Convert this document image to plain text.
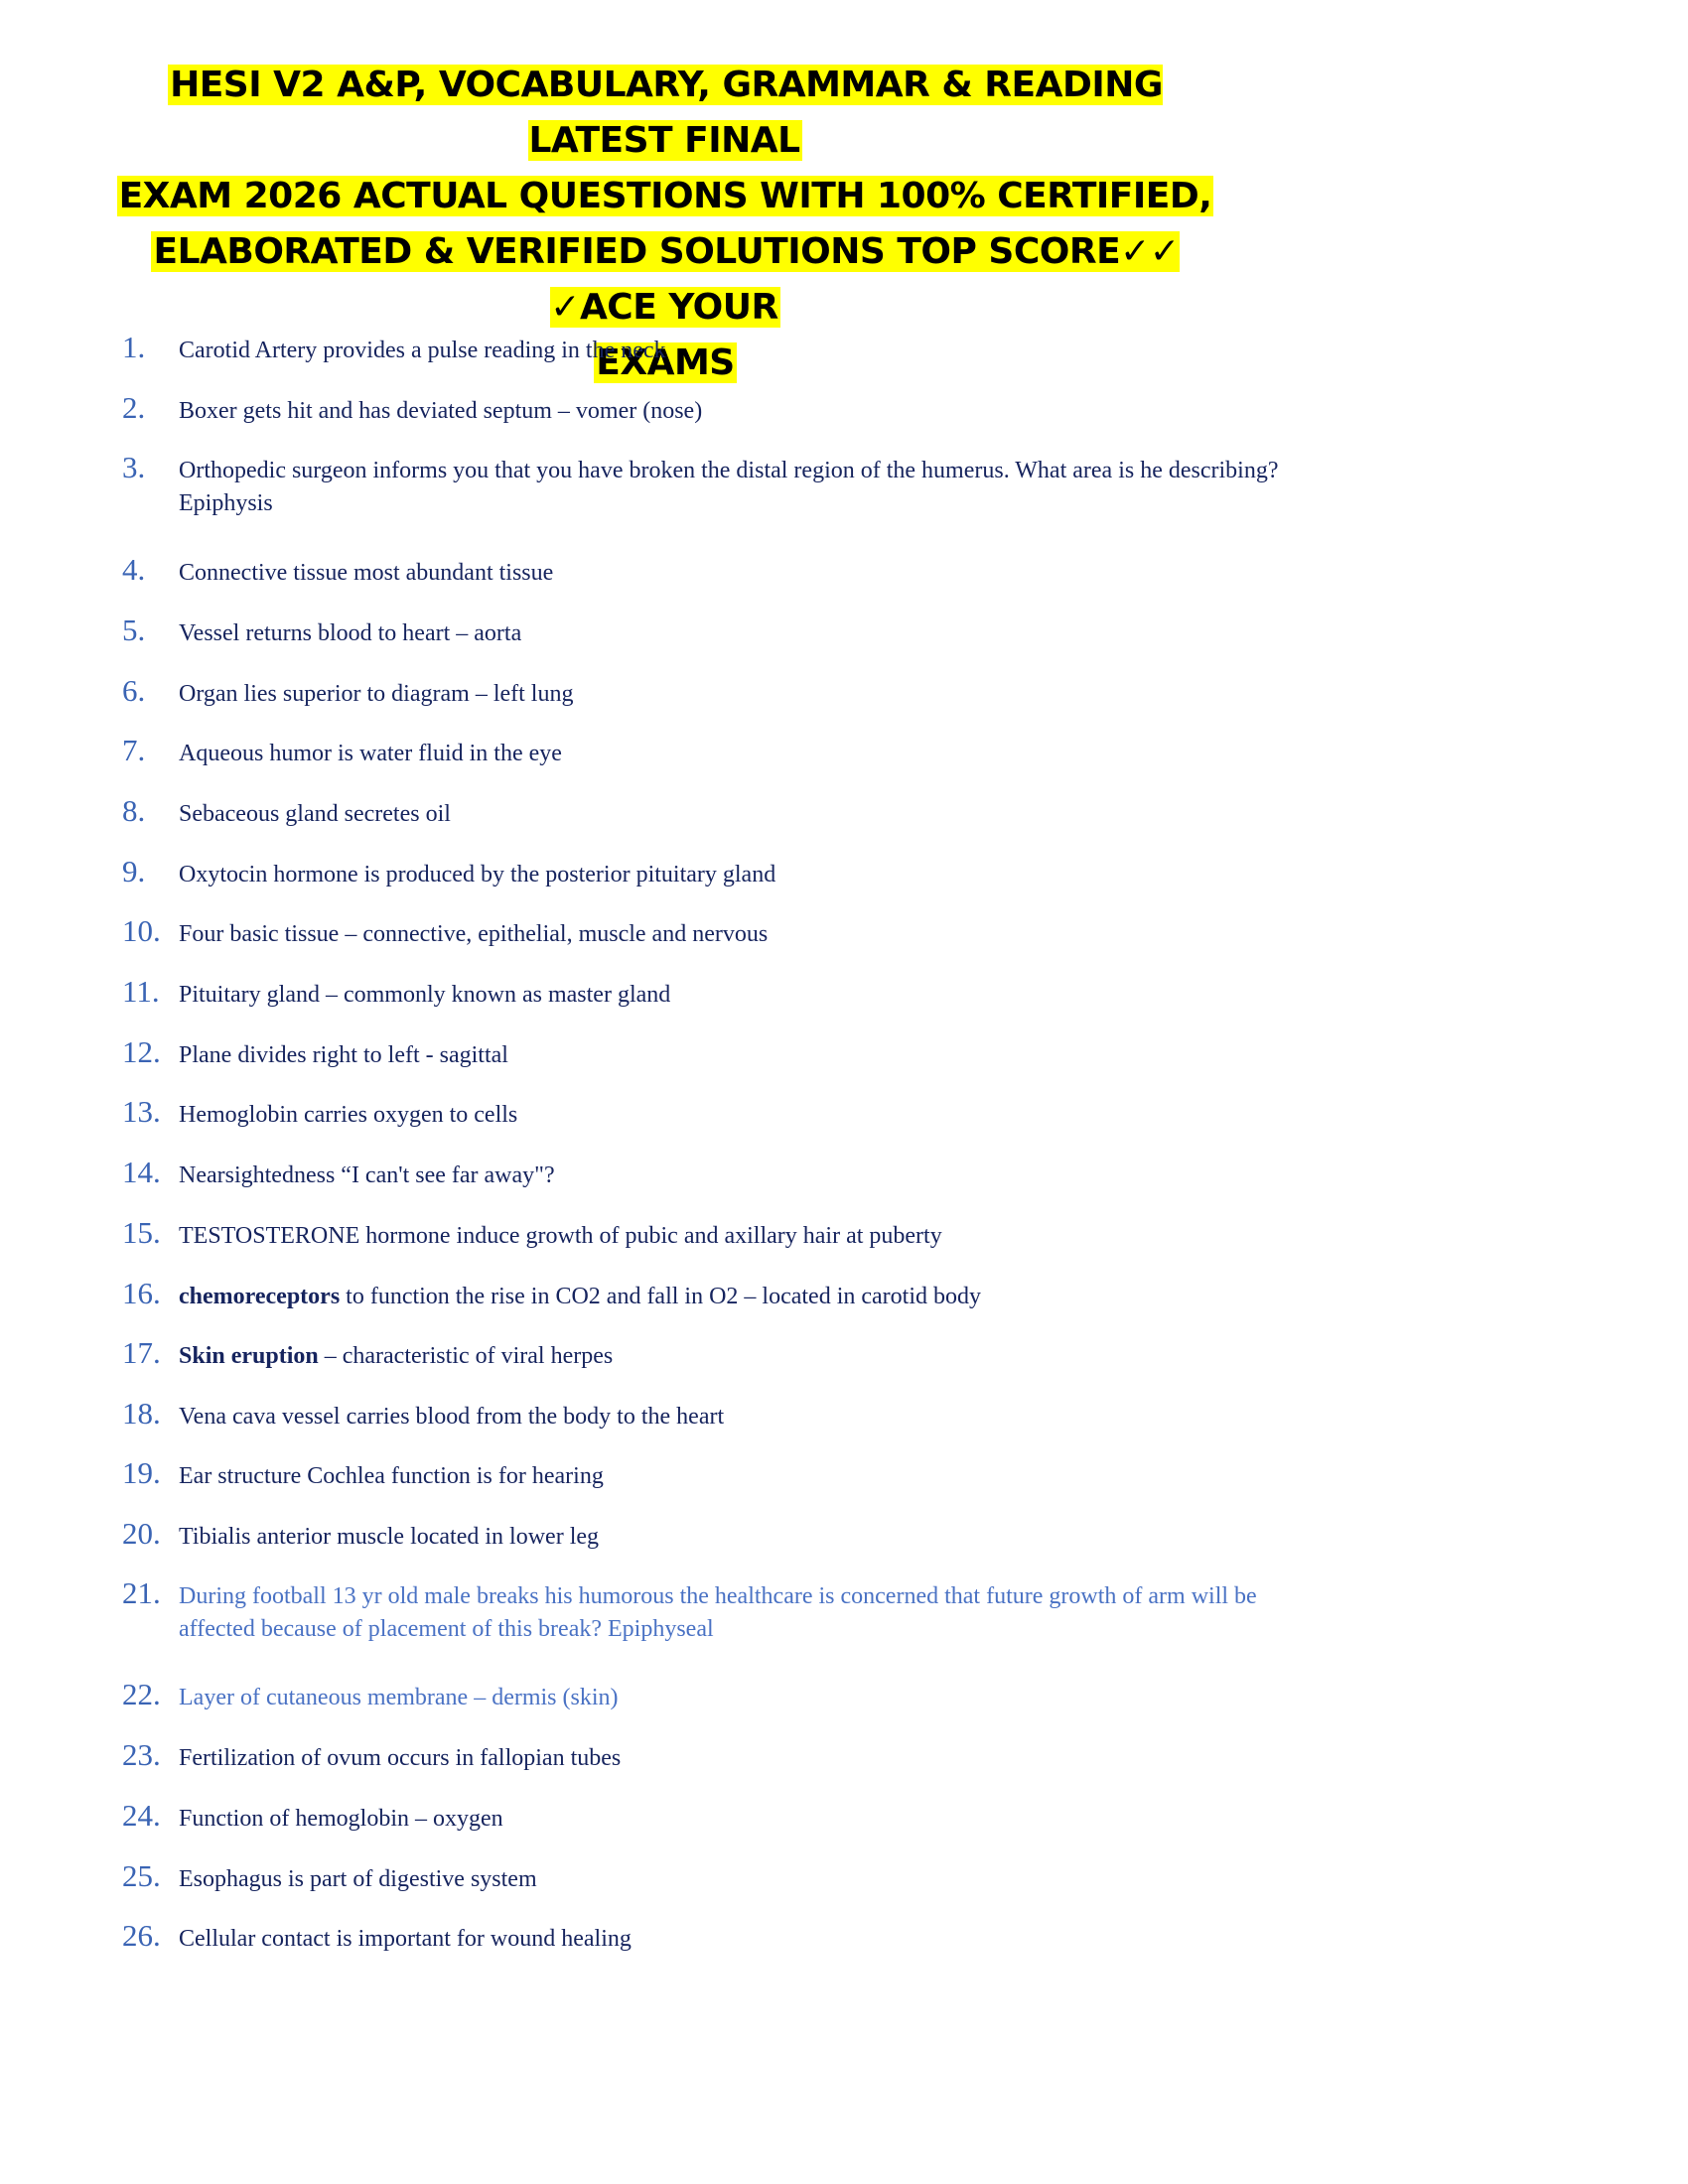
HESI V2 A&P, VOCABULARY, GRAMMAR & READING LATEST FINAL
EXAM 2026 ACTUAL QUESTIONS WITH 100% CERTIFIED,
ELABORATED & VERIFIED SOLUTIONS TOP SCORE✓✓ ✓ACE YOUR
EXAMS
1. Carotid Artery provides a pulse reading in the neck
2. Boxer gets hit and has deviated septum – vomer (nose)
3. Orthopedic surgeon informs you that you have broken the distal region of the humerus. What area is he describing? Epiphysis
4. Connective tissue most abundant tissue
5. Vessel returns blood to heart – aorta
6. Organ lies superior to diagram – left lung
7. Aqueous humor is water fluid in the eye
8. Sebaceous gland secretes oil
9. Oxytocin hormone is produced by the posterior pituitary gland
10. Four basic tissue – connective, epithelial, muscle and nervous
11. Pituitary gland – commonly known as master gland
12. Plane divides right to left - sagittal
13. Hemoglobin carries oxygen to cells
14. Nearsightedness “I can't see far away"?
15. TESTOSTERONE hormone induce growth of pubic and axillary hair at puberty
16. chemoreceptors to function the rise in CO2 and fall in O2 – located in carotid body
17. Skin eruption – characteristic of viral herpes
18. Vena cava vessel carries blood from the body to the heart
19. Ear structure Cochlea function is for hearing
20. Tibialis anterior muscle located in lower leg
21. During football 13 yr old male breaks his humorous the healthcare is concerned that future growth of arm will be affected because of placement of this break? Epiphyseal
22. Layer of cutaneous membrane – dermis (skin)
23. Fertilization of ovum occurs in fallopian tubes
24. Function of hemoglobin – oxygen
25. Esophagus is part of digestive system
26. Cellular contact is important for wound healing
